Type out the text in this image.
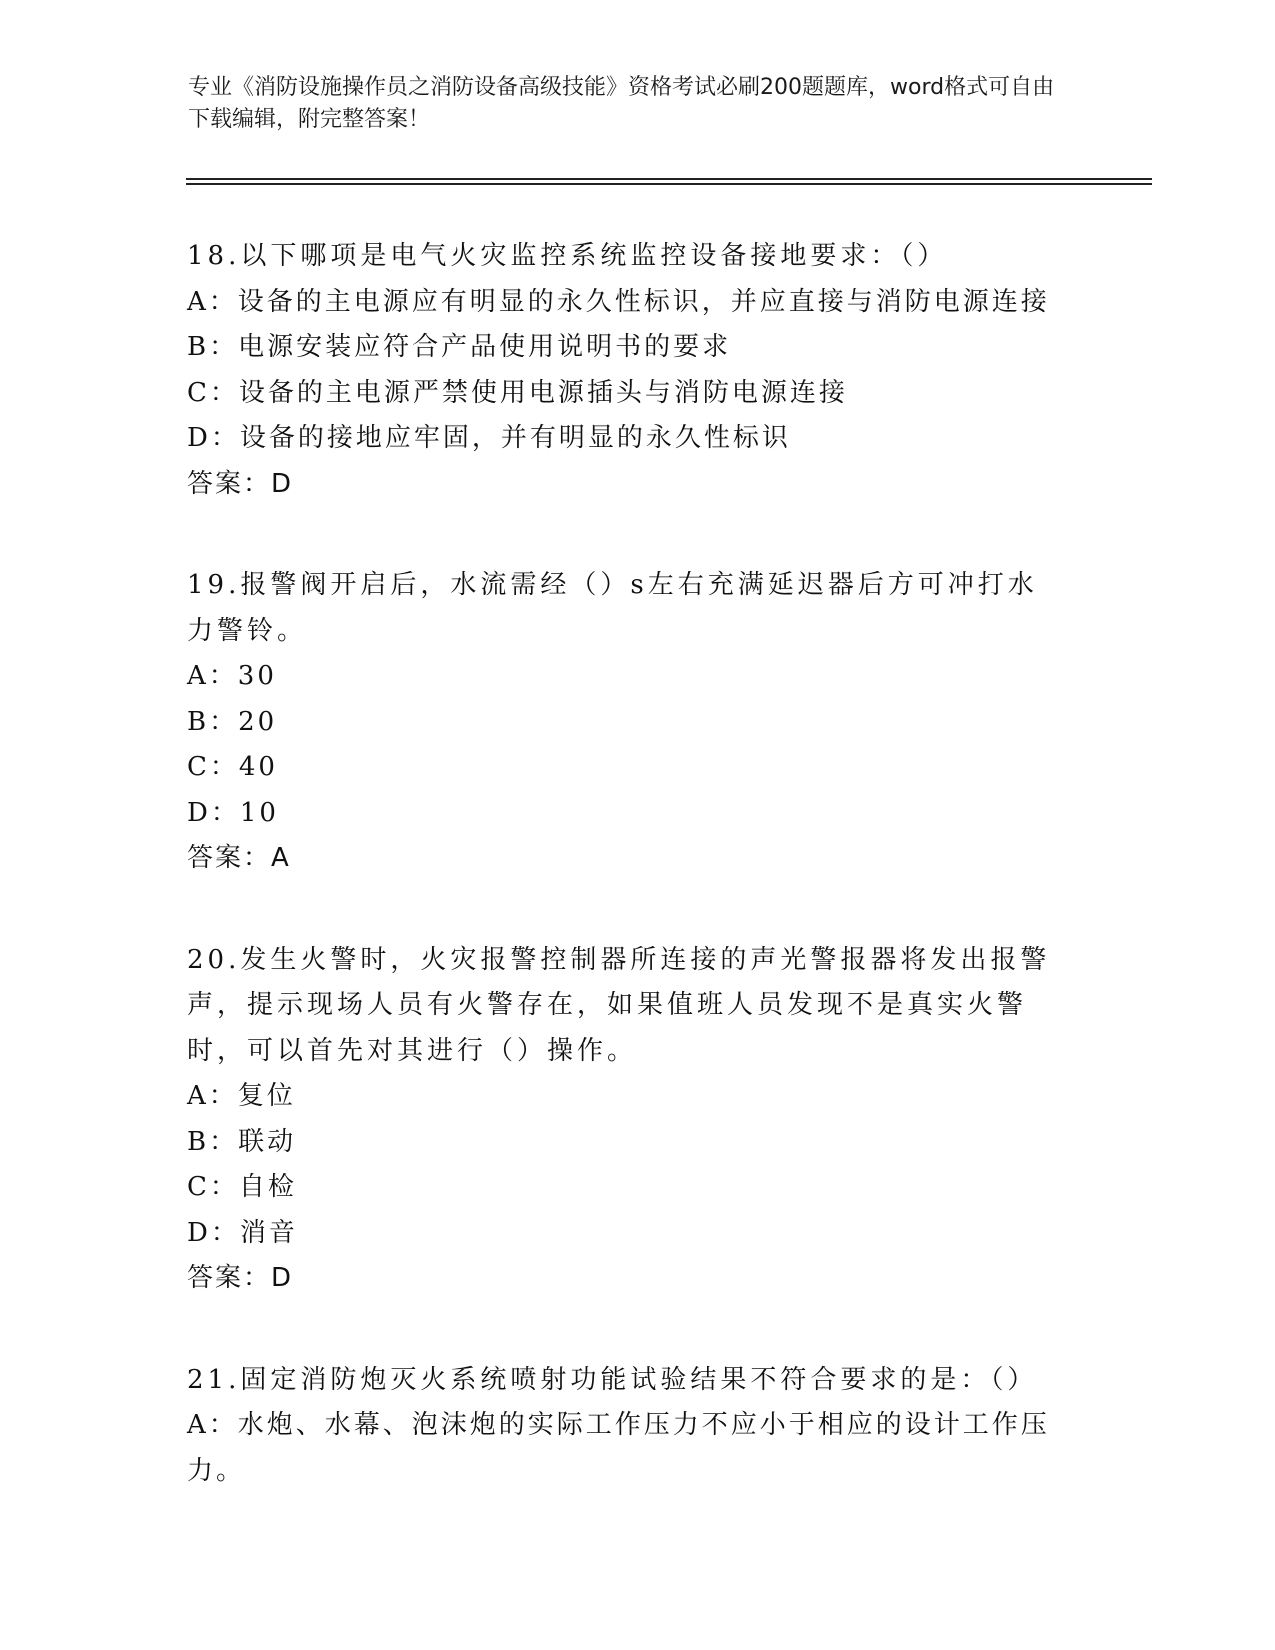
专业《消防设施操作员之消防设备高级技能》资格考试必刷200题题库，word格式可自由下载编辑，附完整答案！
18.以下哪项是电气火灾监控系统监控设备接地要求：（）
A：设备的主电源应有明显的永久性标识，并应直接与消防电源连接
B：电源安装应符合产品使用说明书的要求
C：设备的主电源严禁使用电源插头与消防电源连接
D：设备的接地应牢固，并有明显的永久性标识
答案：D
19.报警阀开启后，水流需经（）s左右充满延迟器后方可冲打水力警铃。
A：30
B：20
C：40
D：10
答案：A
20.发生火警时，火灾报警控制器所连接的声光警报器将发出报警声，提示现场人员有火警存在，如果值班人员发现不是真实火警时，可以首先对其进行（）操作。
A：复位
B：联动
C：自检
D：消音
答案：D
21.固定消防炮灭火系统喷射功能试验结果不符合要求的是：（）
A：水炮、水幕、泡沫炮的实际工作压力不应小于相应的设计工作压力。
